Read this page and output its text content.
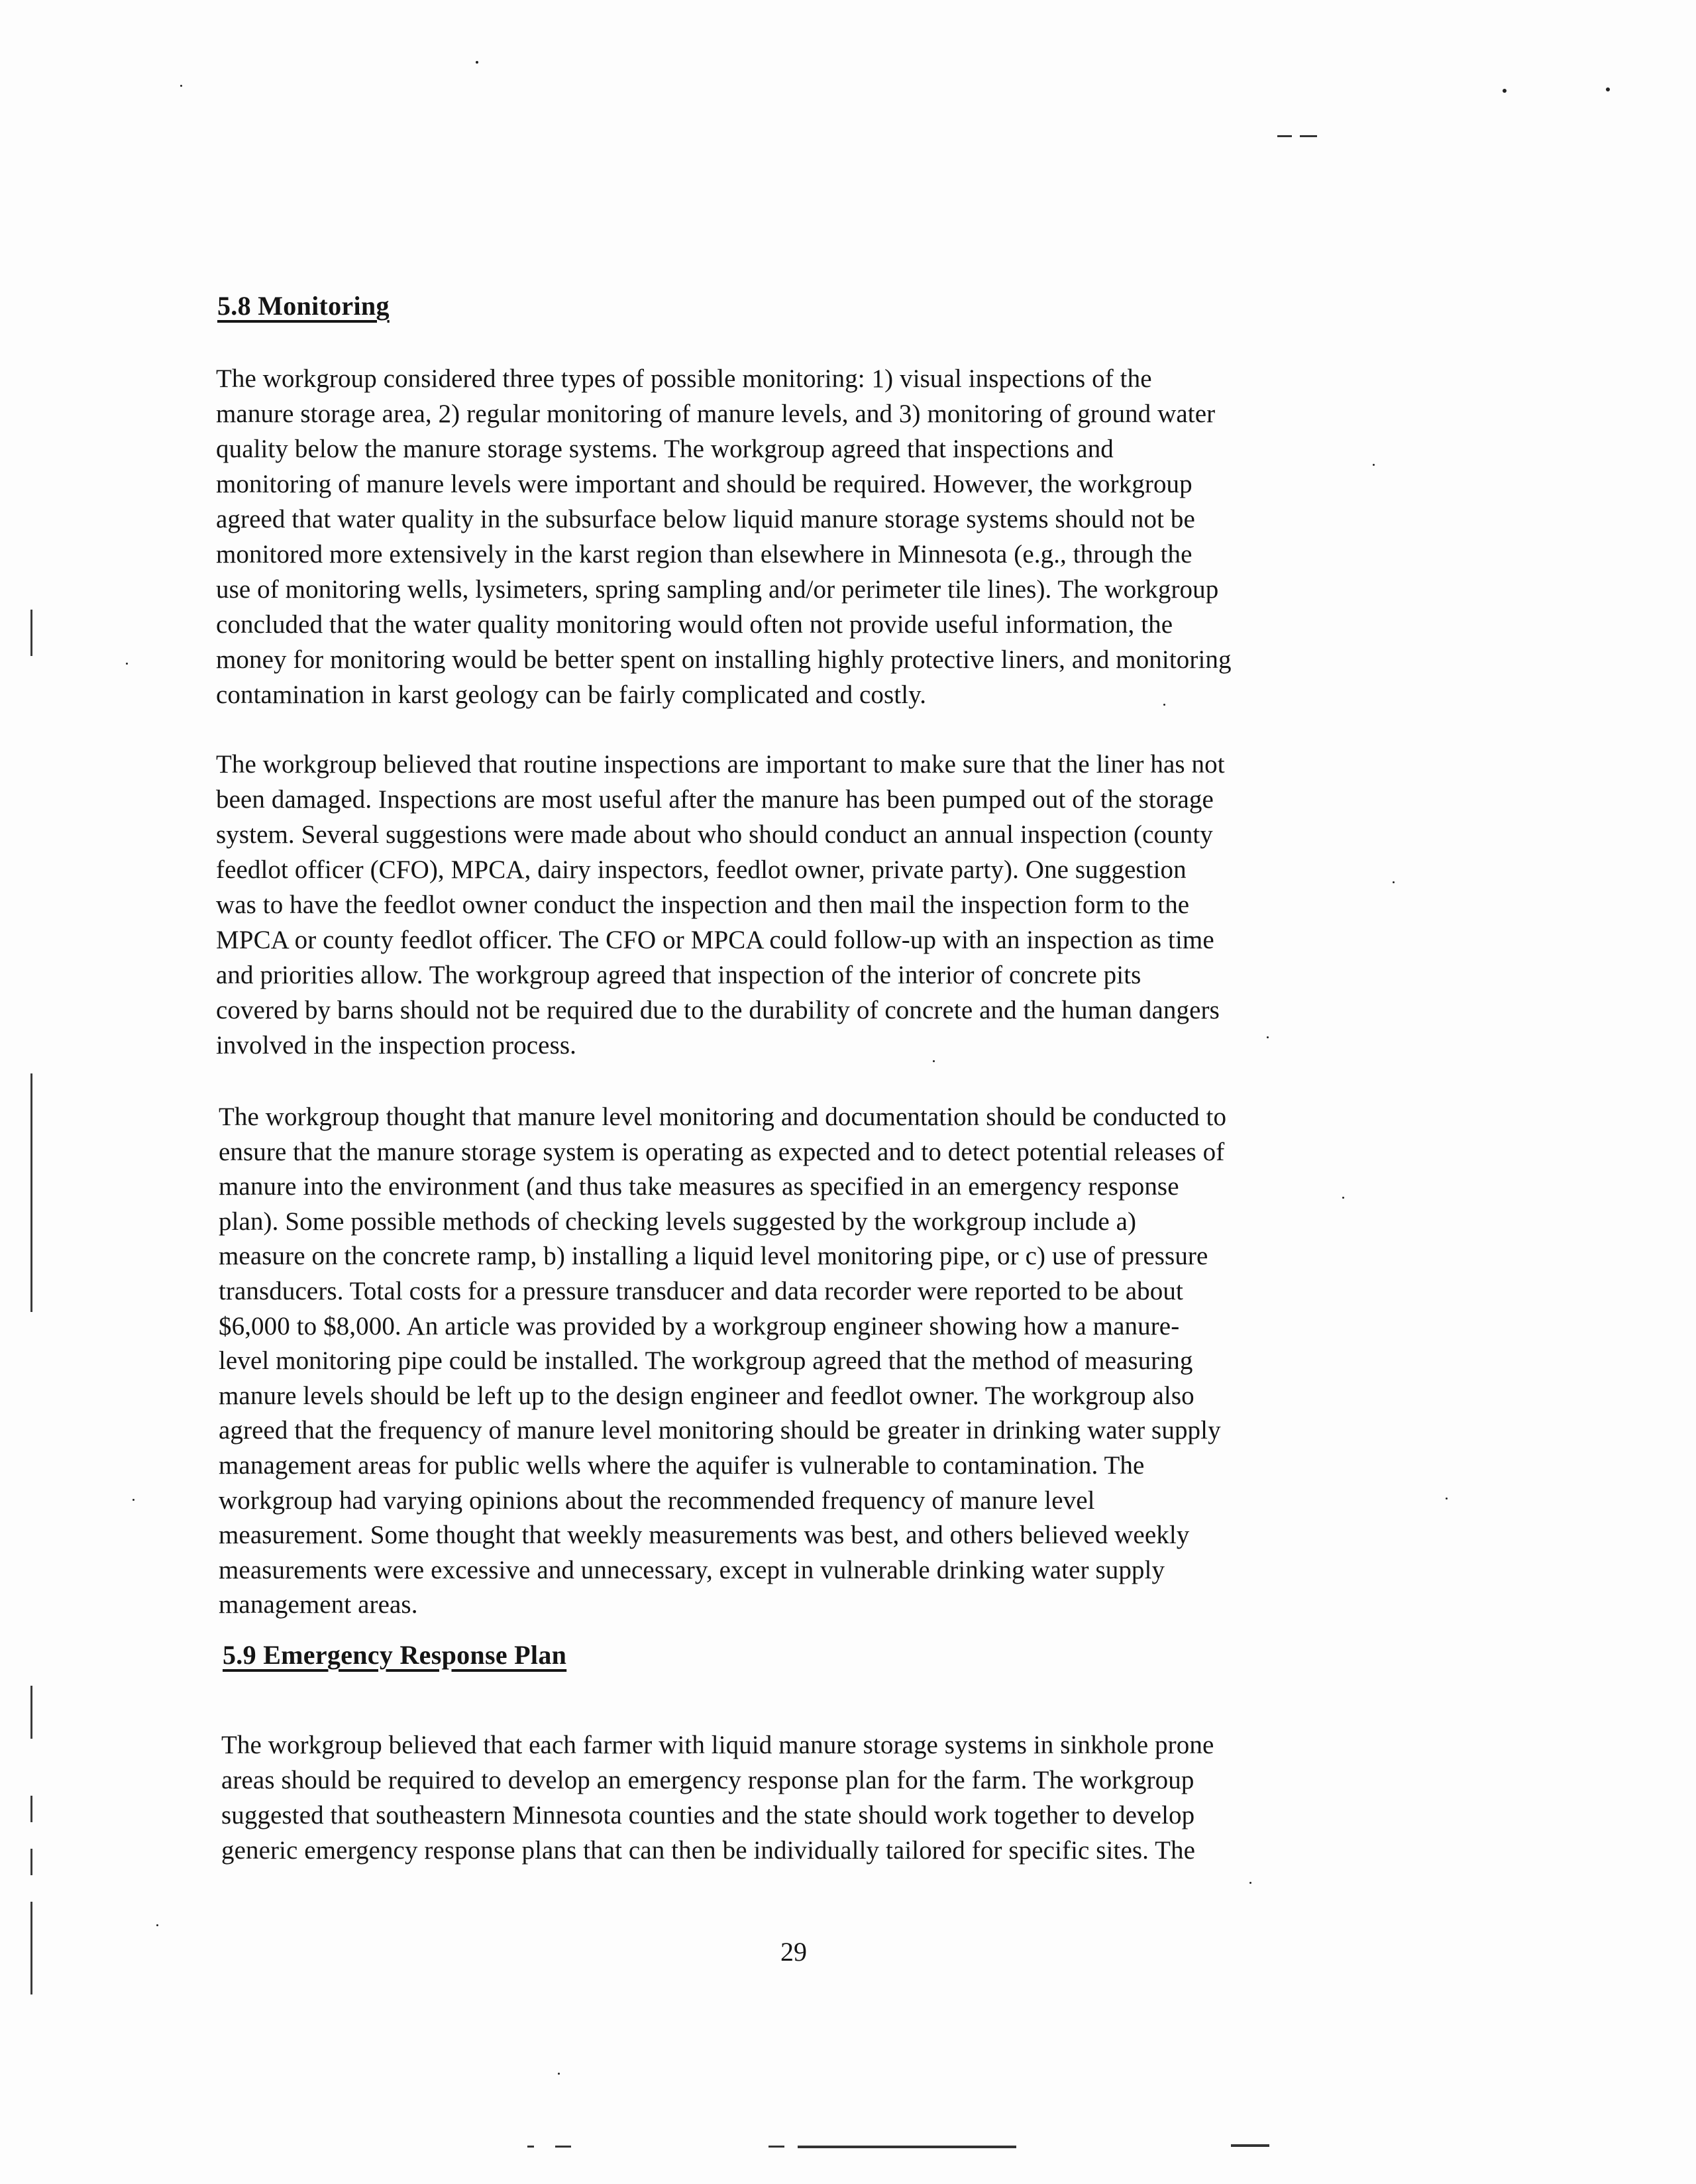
5.8 Monitoring
The workgroup considered three types of possible monitoring: 1) visual inspections of the
manure storage area, 2) regular monitoring of manure levels, and 3) monitoring of ground water
quality below the manure storage systems. The workgroup agreed that inspections and
monitoring of manure levels were important and should be required. However, the workgroup
agreed that water quality in the subsurface below liquid manure storage systems should not be
monitored more extensively in the karst region than elsewhere in Minnesota (e.g., through the
use of monitoring wells, lysimeters, spring sampling and/or perimeter tile lines). The workgroup
concluded that the water quality monitoring would often not provide useful information, the
money for monitoring would be better spent on installing highly protective liners, and monitoring
contamination in karst geology can be fairly complicated and costly.
The workgroup believed that routine inspections are important to make sure that the liner has not
been damaged. Inspections are most useful after the manure has been pumped out of the storage
system. Several suggestions were made about who should conduct an annual inspection (county
feedlot officer (CFO), MPCA, dairy inspectors, feedlot owner, private party). One suggestion
was to have the feedlot owner conduct the inspection and then mail the inspection form to the
MPCA or county feedlot officer. The CFO or MPCA could follow-up with an inspection as time
and priorities allow. The workgroup agreed that inspection of the interior of concrete pits
covered by barns should not be required due to the durability of concrete and the human dangers
involved in the inspection process.
The workgroup thought that manure level monitoring and documentation should be conducted to
ensure that the manure storage system is operating as expected and to detect potential releases of
manure into the environment (and thus take measures as specified in an emergency response
plan). Some possible methods of checking levels suggested by the workgroup include a)
measure on the concrete ramp, b) installing a liquid level monitoring pipe, or c) use of pressure
transducers. Total costs for a pressure transducer and data recorder were reported to be about
$6,000 to $8,000. An article was provided by a workgroup engineer showing how a manure-
level monitoring pipe could be installed. The workgroup agreed that the method of measuring
manure levels should be left up to the design engineer and feedlot owner. The workgroup also
agreed that the frequency of manure level monitoring should be greater in drinking water supply
management areas for public wells where the aquifer is vulnerable to contamination. The
workgroup had varying opinions about the recommended frequency of manure level
measurement. Some thought that weekly measurements was best, and others believed weekly
measurements were excessive and unnecessary, except in vulnerable drinking water supply
management areas.
5.9 Emergency Response Plan
The workgroup believed that each farmer with liquid manure storage systems in sinkhole prone
areas should be required to develop an emergency response plan for the farm. The workgroup
suggested that southeastern Minnesota counties and the state should work together to develop
generic emergency response plans that can then be individually tailored for specific sites. The
29
